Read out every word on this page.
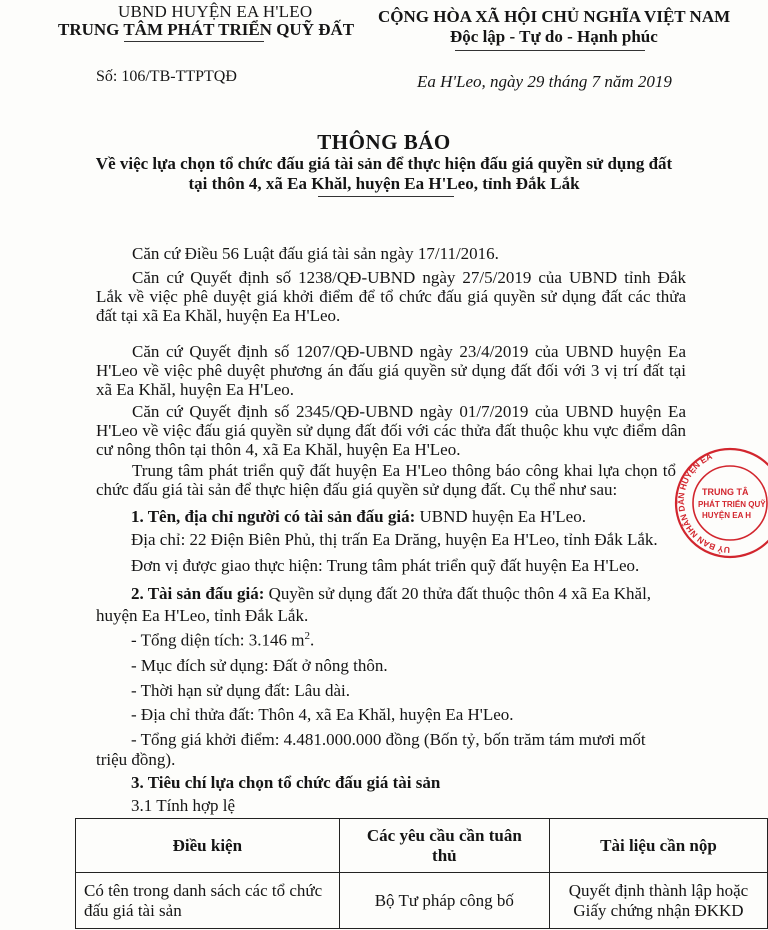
UBND HUYỆN EA H'LEO
TRUNG TÂM PHÁT TRIỂN QUỸ ĐẤT
CỘNG HÒA XÃ HỘI CHỦ NGHĨA VIỆT NAM
Độc lập - Tự do - Hạnh phúc
Số: 106/TB-TTPTQĐ	Ea H'Leo, ngày 29 tháng 7 năm 2019
THÔNG BÁO
Về việc lựa chọn tổ chức đấu giá tài sản để thực hiện đấu giá quyền sử dụng đất
tại thôn 4, xã Ea Khăl, huyện Ea H'Leo, tỉnh Đắk Lắk
Căn cứ Điều 56 Luật đấu giá tài sản ngày 17/11/2016.
Căn cứ Quyết định số 1238/QĐ-UBND ngày 27/5/2019 của UBND tỉnh Đắk Lắk về việc phê duyệt giá khởi điểm để tổ chức đấu giá quyền sử dụng đất các thửa đất tại xã Ea Khăl, huyện Ea H'Leo.
Căn cứ Quyết định số 1207/QĐ-UBND ngày 23/4/2019 của UBND huyện Ea H'Leo về việc phê duyệt phương án đấu giá quyền sử dụng đất đối với 3 vị trí đất tại xã Ea Khăl, huyện Ea H'Leo.
Căn cứ Quyết định số 2345/QĐ-UBND ngày 01/7/2019 của UBND huyện Ea H'Leo về việc đấu giá quyền sử dụng đất đối với các thửa đất thuộc khu vực điểm dân cư nông thôn tại thôn 4, xã Ea Khăl, huyện Ea H'Leo.
Trung tâm phát triển quỹ đất huyện Ea H'Leo thông báo công khai lựa chọn tổ chức đấu giá tài sản để thực hiện đấu giá quyền sử dụng đất. Cụ thể như sau:
1. Tên, địa chỉ người có tài sản đấu giá: UBND huyện Ea H'Leo.
Địa chỉ: 22 Điện Biên Phủ, thị trấn Ea Drăng, huyện Ea H'Leo, tỉnh Đắk Lắk.
Đơn vị được giao thực hiện: Trung tâm phát triển quỹ đất huyện Ea H'Leo.
2. Tài sản đấu giá: Quyền sử dụng đất 20 thửa đất thuộc thôn 4 xã Ea Khăl,
huyện Ea H'Leo, tỉnh Đắk Lắk.
- Tổng diện tích: 3.146 $m^2$.
- Mục đích sử dụng: Đất ở nông thôn.
- Thời hạn sử dụng đất: Lâu dài.
- Địa chỉ thửa đất: Thôn 4, xã Ea Khăl, huyện Ea H'Leo.
- Tổng giá khởi điểm: 4.481.000.000 đồng (Bốn tỷ, bốn trăm tám mươi mốt
triệu đồng).
3. Tiêu chí lựa chọn tổ chức đấu giá tài sản
3.1 Tính hợp lệ
Điều kiện	Các yêu cầu cần tuân thủ	Tài liệu cần nộp
Có tên trong danh sách các tổ chức đấu giá tài sản	Bộ Tư pháp công bố	Quyết định thành lập hoặc Giấy chứng nhận ĐKKD
UỶ BAN NHÂN DÂN HUYỆN EA
TRUNG TÂ
PHÁT TRIỂN QUỸ
HUYỆN EA H
